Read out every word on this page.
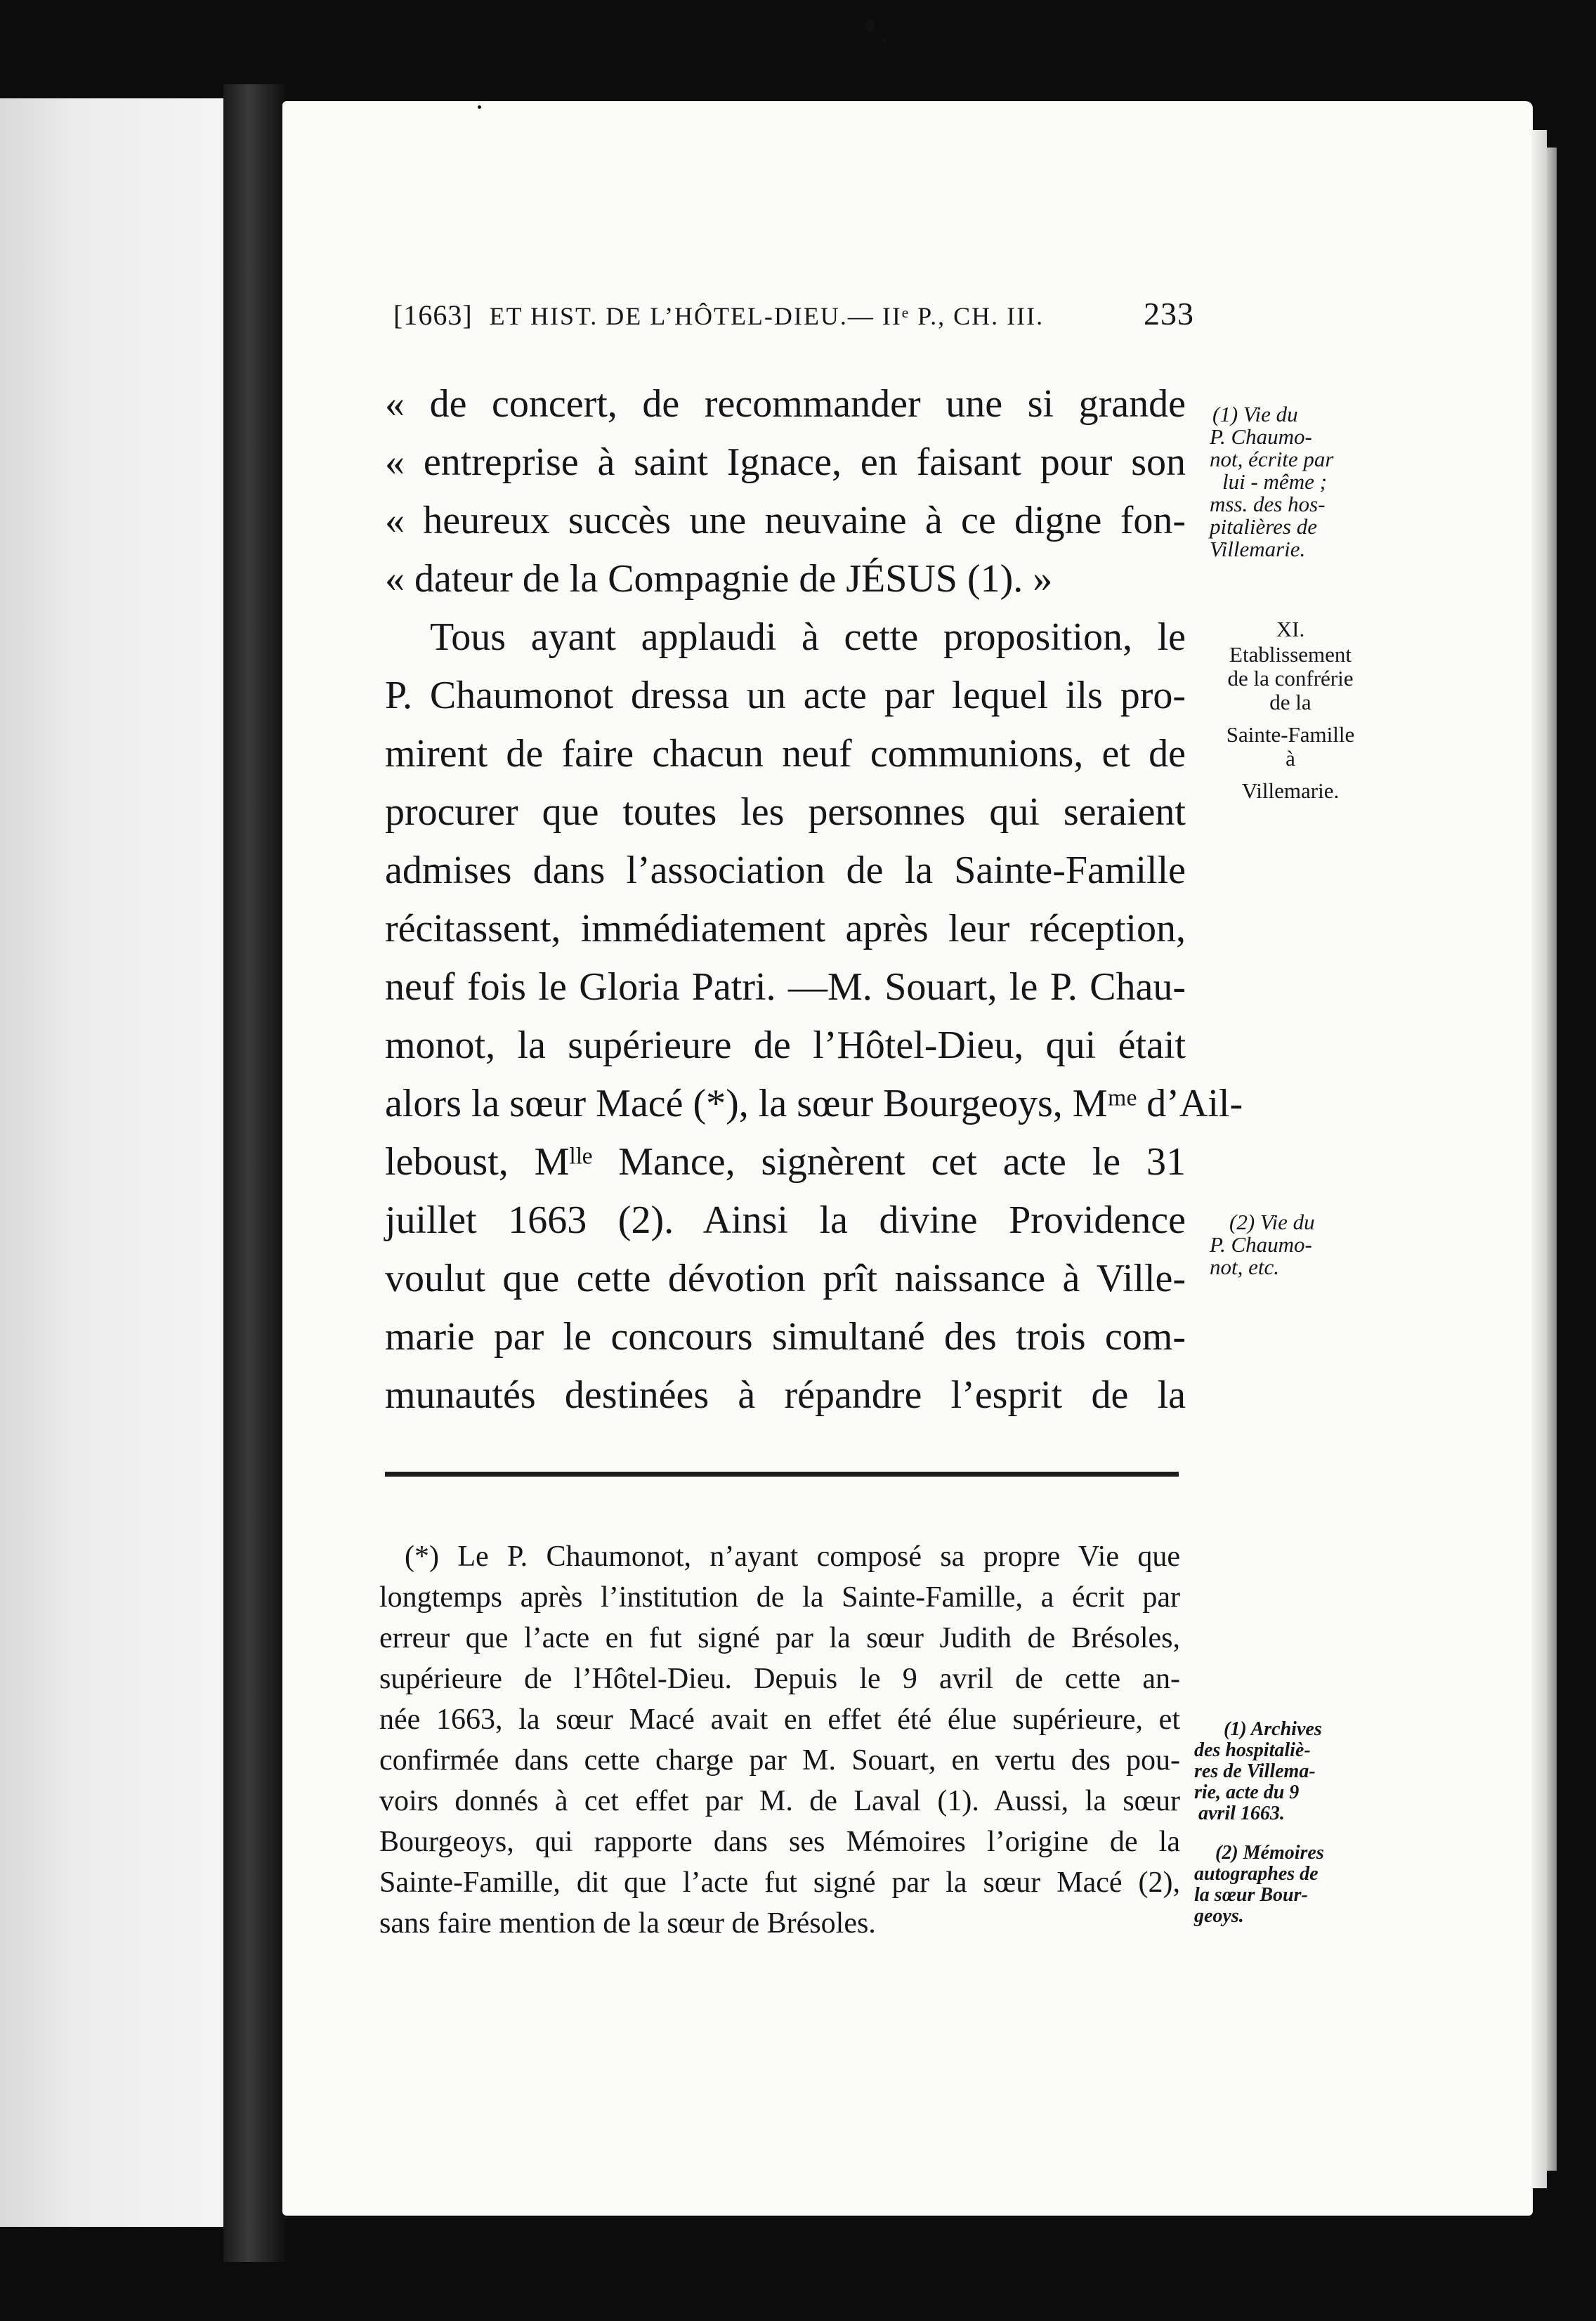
[1663] ET HIST. DE L’HÔTEL-DIEU.— IIᵉ P., CH. III.	233
« de concert, de recommander une si grande
« entreprise à saint Ignace, en faisant pour son
« heureux succès une neuvaine à ce digne fon-
« dateur de la Compagnie de JÉSUS (1). »
Tous ayant applaudi à cette proposition, le
P. Chaumonot dressa un acte par lequel ils pro-
mirent de faire chacun neuf communions, et de
procurer que toutes les personnes qui seraient
admises dans l’association de la Sainte-Famille
récitassent, immédiatement après leur réception,
neuf fois le Gloria Patri. —M. Souart, le P. Chau-
monot, la supérieure de l’Hôtel-Dieu, qui était
alors la sœur Macé (*), la sœur Bourgeoys, Mᵐᵉ d’Ail-
leboust, Mˡˡᵉ Mance, signèrent cet acte le 31
juillet 1663 (2). Ainsi la divine Providence
voulut que cette dévotion prît naissance à Ville-
marie par le concours simultané des trois com-
munautés destinées à répandre l’esprit de la
(1) Vie du
P. Chaumo-
not, écrite par
lui - même ;
mss. des hos-
pitalières de
Villemarie.
XI.
Etablissement
de la confrérie
de la
Sainte-Famille
à
Villemarie.
(2) Vie du
P. Chaumo-
not, etc.
(*) Le P. Chaumonot, n’ayant composé sa propre Vie que
longtemps après l’institution de la Sainte-Famille, a écrit par
erreur que l’acte en fut signé par la sœur Judith de Brésoles,
supérieure de l’Hôtel-Dieu. Depuis le 9 avril de cette an-
née 1663, la sœur Macé avait en effet été élue supérieure, et
confirmée dans cette charge par M. Souart, en vertu des pou-
voirs donnés à cet effet par M. de Laval (1). Aussi, la sœur
Bourgeoys, qui rapporte dans ses Mémoires l’origine de la
Sainte-Famille, dit que l’acte fut signé par la sœur Macé (2),
sans faire mention de la sœur de Brésoles.
(1) Archives
des hospitaliè-
res de Villema-
rie, acte du 9
avril 1663.
(2) Mémoires
autographes de
la sœur Bour-
geoys.
